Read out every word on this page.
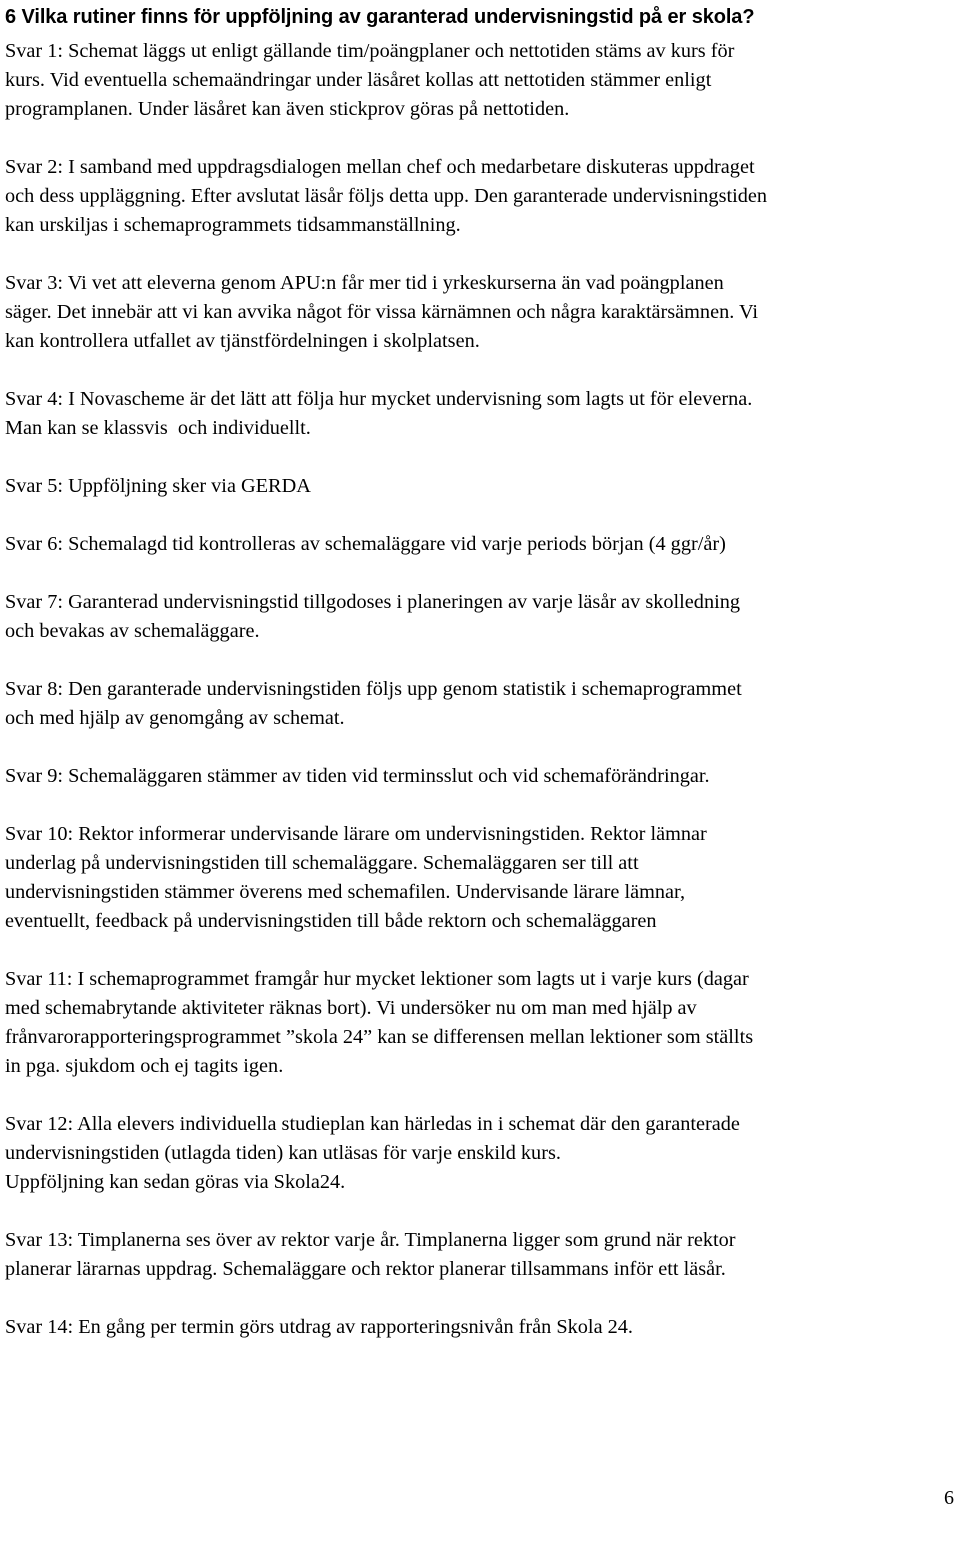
6 Vilka rutiner finns för uppföljning av garanterad undervisningstid på er skola?

Svar 1: Schemat läggs ut enligt gällande tim/poängplaner och nettotiden stäms av kurs för
kurs. Vid eventuella schemaändringar under läsåret kollas att nettotiden stämmer enligt
programplanen. Under läsåret kan även stickprov göras på nettotiden.

Svar 2: I samband med uppdragsdialogen mellan chef och medarbetare diskuteras uppdraget
och dess uppläggning. Efter avslutat läsår följs detta upp. Den garanterade undervisningstiden
kan urskiljas i schemaprogrammets tidsammanställning.

Svar 3: Vi vet att eleverna genom APU:n får mer tid i yrkeskurserna än vad poängplanen
säger. Det innebär att vi kan avvika något för vissa kärnämnen och några karaktärsämnen. Vi
kan kontrollera utfallet av tjänstfördelningen i skolplatsen.

Svar 4: I Novascheme är det lätt att följa hur mycket undervisning som lagts ut för eleverna.
Man kan se klassvis  och individuellt.

Svar 5: Uppföljning sker via GERDA

Svar 6: Schemalagd tid kontrolleras av schemaläggare vid varje periods början (4 ggr/år)

Svar 7: Garanterad undervisningstid tillgodoses i planeringen av varje läsår av skolledning
och bevakas av schemaläggare.

Svar 8: Den garanterade undervisningstiden följs upp genom statistik i schemaprogrammet
och med hjälp av genomgång av schemat.

Svar 9: Schemaläggaren stämmer av tiden vid terminsslut och vid schemaförändringar.

Svar 10: Rektor informerar undervisande lärare om undervisningstiden. Rektor lämnar
underlag på undervisningstiden till schemaläggare. Schemaläggaren ser till att
undervisningstiden stämmer överens med schemafilen. Undervisande lärare lämnar,
eventuellt, feedback på undervisningstiden till både rektorn och schemaläggaren

Svar 11: I schemaprogrammet framgår hur mycket lektioner som lagts ut i varje kurs (dagar
med schemabrytande aktiviteter räknas bort). Vi undersöker nu om man med hjälp av
frånvarorapporteringsprogrammet ”skola 24” kan se differensen mellan lektioner som ställts
in pga. sjukdom och ej tagits igen.

Svar 12: Alla elevers individuella studieplan kan härledas in i schemat där den garanterade
undervisningstiden (utlagda tiden) kan utläsas för varje enskild kurs.
Uppföljning kan sedan göras via Skola24.

Svar 13: Timplanerna ses över av rektor varje år. Timplanerna ligger som grund när rektor
planerar lärarnas uppdrag. Schemaläggare och rektor planerar tillsammans inför ett läsår.

Svar 14: En gång per termin görs utdrag av rapporteringsnivån från Skola 24.

6
